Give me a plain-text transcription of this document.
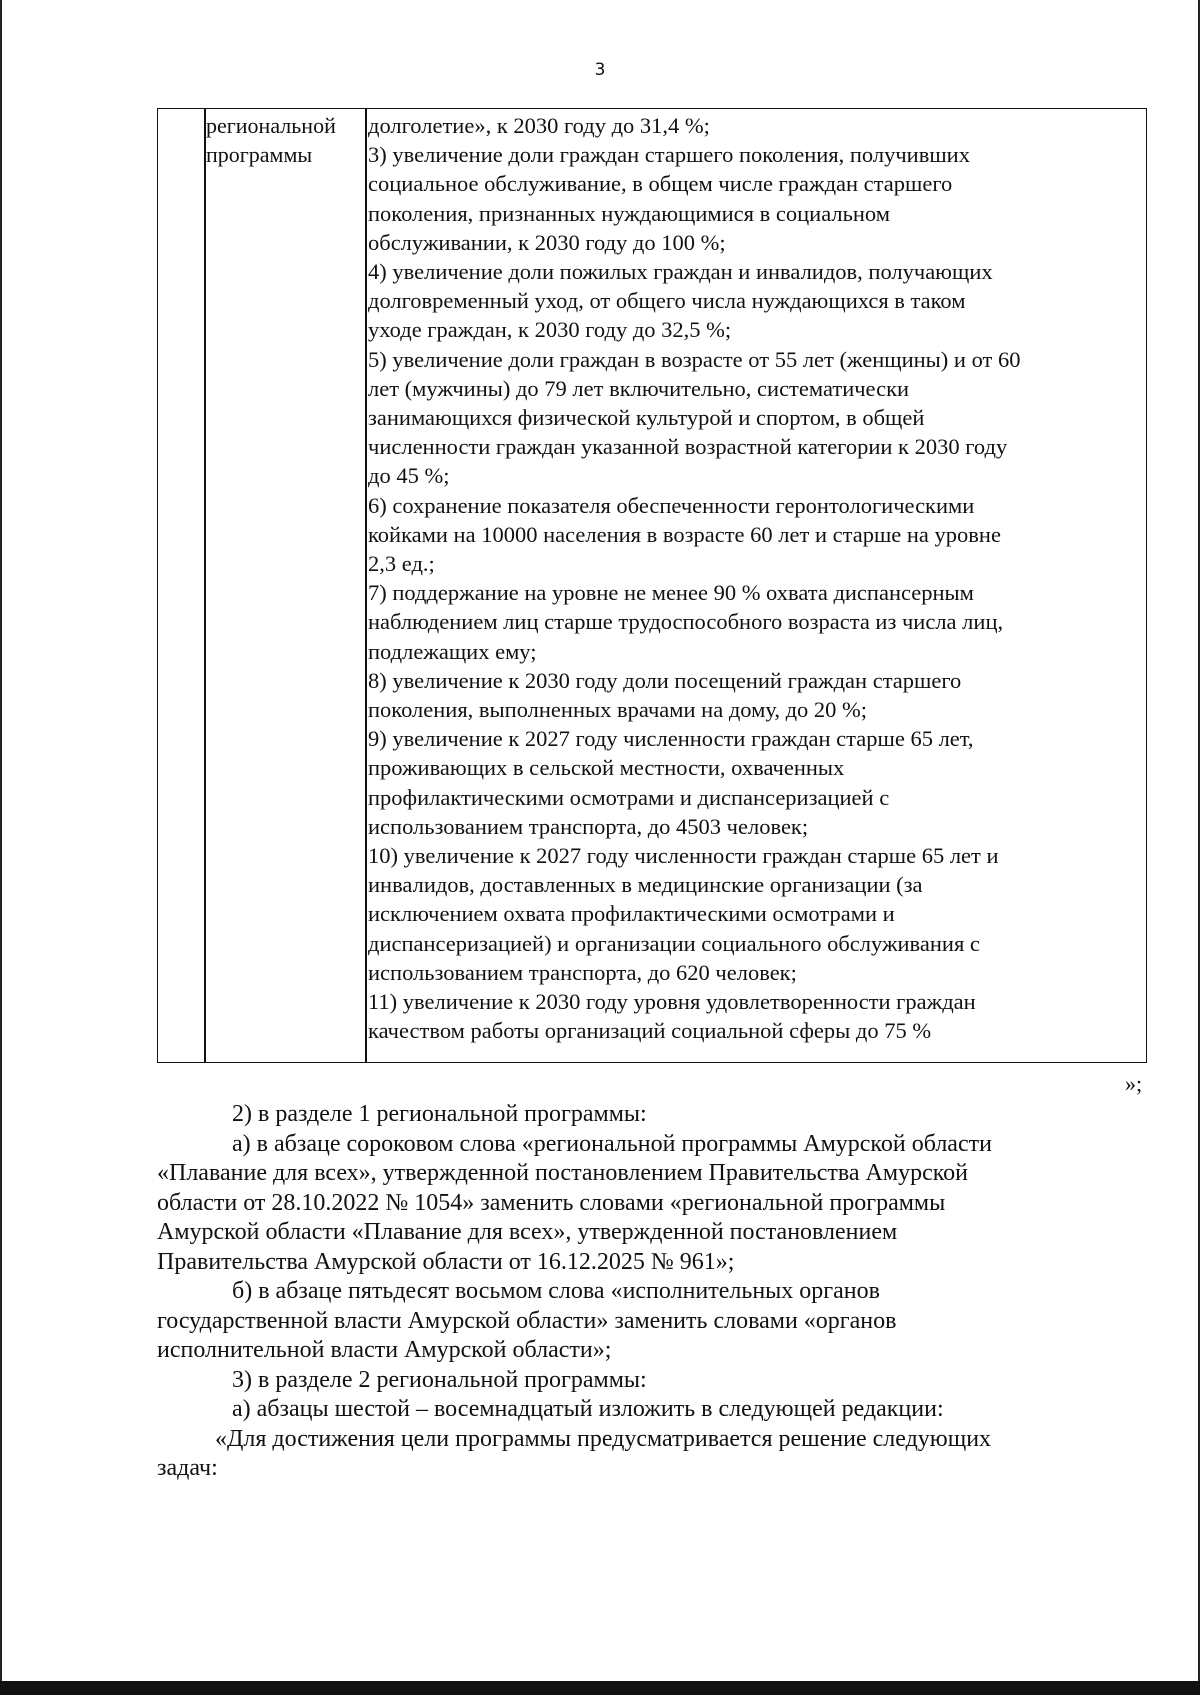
3
региональной
программы
долголетие», к 2030 году до 31,4 %;
3) увеличение доли граждан старшего поколения, получивших
социальное обслуживание, в общем числе граждан старшего
поколения, признанных нуждающимися в социальном
обслуживании, к 2030 году до 100 %;
4) увеличение доли пожилых граждан и инвалидов, получающих
долговременный уход, от общего числа нуждающихся в таком
уходе граждан, к 2030 году до 32,5 %;
5) увеличение доли граждан в возрасте от 55 лет (женщины) и от 60
лет (мужчины) до 79 лет включительно, систематически
занимающихся физической культурой и спортом, в общей
численности граждан указанной возрастной категории к 2030 году
до 45 %;
6) сохранение показателя обеспеченности геронтологическими
койками на 10000 населения в возрасте 60 лет и старше на уровне
2,3 ед.;
7) поддержание на уровне не менее 90 % охвата диспансерным
наблюдением лиц старше трудоспособного возраста из числа лиц,
подлежащих ему;
8) увеличение к 2030 году доли посещений граждан старшего
поколения, выполненных врачами на дому, до 20 %;
9) увеличение к 2027 году численности граждан старше 65 лет,
проживающих в сельской местности, охваченных
профилактическими осмотрами и диспансеризацией с
использованием транспорта, до 4503 человек;
10) увеличение к 2027 году численности граждан старше 65 лет и
инвалидов, доставленных в медицинские организации (за
исключением охвата профилактическими осмотрами и
диспансеризацией) и организации социального обслуживания с
использованием транспорта, до 620 человек;
11) увеличение к 2030 году уровня удовлетворенности граждан
качеством работы организаций социальной сферы до 75 %
»;
2) в разделе 1 региональной программы:
а) в абзаце сороковом слова «региональной программы Амурской области
«Плавание для всех», утвержденной постановлением Правительства Амурской
области от 28.10.2022 № 1054» заменить словами «региональной программы
Амурской области «Плавание для всех», утвержденной постановлением
Правительства Амурской области от 16.12.2025 № 961»;
б) в абзаце пятьдесят восьмом слова «исполнительных органов
государственной власти Амурской области» заменить словами «органов
исполнительной власти Амурской области»;
3) в разделе 2 региональной программы:
а) абзацы шестой – восемнадцатый изложить в следующей редакции:
«Для достижения цели программы предусматривается решение следующих
задач:
